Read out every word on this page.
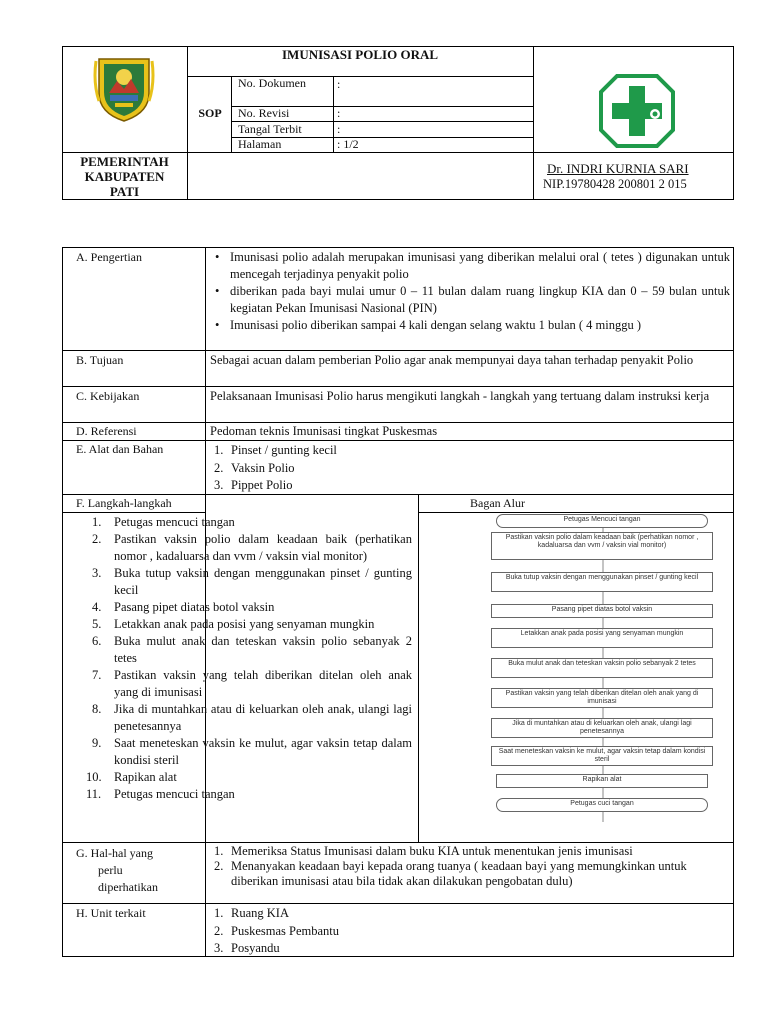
IMUNISASI POLIO ORAL
SOP
No. Dokumen	:
No. Revisi	:
Tangal Terbit	:
Halaman	: 1/2
PEMERINTAH
KABUPATEN
PATI
Dr. INDRI KURNIA SARI
NIP.19780428 200801 2 015
A. Pengertian
•	Imunisasi polio adalah merupakan imunisasi yang diberikan melalui oral ( tetes ) digunakan untuk mencegah terjadinya penyakit polio
• diberikan pada bayi mulai umur 0 – 11 bulan dalam ruang lingkup KIA dan 0 – 59 bulan untuk kegiatan Pekan Imunisasi Nasional (PIN)
• Imunisasi polio diberikan sampai 4 kali dengan selang waktu 1 bulan ( 4 minggu )
B. Tujuan	Sebagai acuan dalam pemberian Polio agar anak mempunyai daya tahan terhadap penyakit Polio
C. Kebijakan	Pelaksanaan Imunisasi Polio harus mengikuti langkah - langkah yang tertuang dalam instruksi kerja
D. Referensi	Pedoman teknis Imunisasi tingkat Puskesmas
E. Alat dan Bahan	1. Pinset / gunting kecil
2. Vaksin Polio
3. Pippet Polio
F. Langkah-langkah	Bagan Alur
1. Petugas mencuci tangan
2. Pastikan vaksin polio dalam keadaan baik (perhatikan nomor , kadaluarsa dan vvm / vaksin vial monitor)
3. Buka tutup vaksin dengan menggunakan pinset / gunting kecil
4. Pasang pipet diatas botol vaksin
5. Letakkan anak pada posisi yang senyaman mungkin
6. Buka mulut anak dan teteskan vaksin polio sebanyak 2 tetes
7. Pastikan vaksin yang telah diberikan ditelan oleh anak yang di imunisasi
8. Jika di muntahkan atau di keluarkan oleh anak, ulangi lagi penetesannya
9. Saat meneteskan vaksin ke mulut, agar vaksin tetap dalam kondisi steril
10. Rapikan alat
11. Petugas mencuci tangan
Petugas Mencuci tangan
Pastikan vaksin polio dalam keadaan baik (perhatikan nomor , kadaluarsa dan vvm / vaksin vial monitor)
Buka tutup vaksin dengan menggunakan pinset / gunting kecil
Pasang pipet diatas botol vaksin
Letakkan anak pada posisi yang senyaman mungkin
Buka mulut anak dan teteskan vaksin polio sebanyak 2 tetes
Pastikan vaksin yang telah diberikan ditelan oleh anak yang di imunisasi
Jika di muntahkan atau di keluarkan oleh anak, ulangi lagi penetesannya
Saat meneteskan vaksin ke mulut, agar vaksin tetap dalam kondisi steril
Rapikan alat
Petugas cuci tangan
G. Hal-hal yang
perlu
diperhatikan
1. Memeriksa Status Imunisasi dalam buku KIA untuk menentukan jenis imunisasi
2. Menanyakan keadaan bayi kepada orang tuanya ( keadaan bayi yang memungkinkan untuk diberikan imunisasi atau bila tidak akan dilakukan pengobatan dulu)
H. Unit terkait	1. Ruang KIA
2. Puskesmas Pembantu
3. Posyandu
